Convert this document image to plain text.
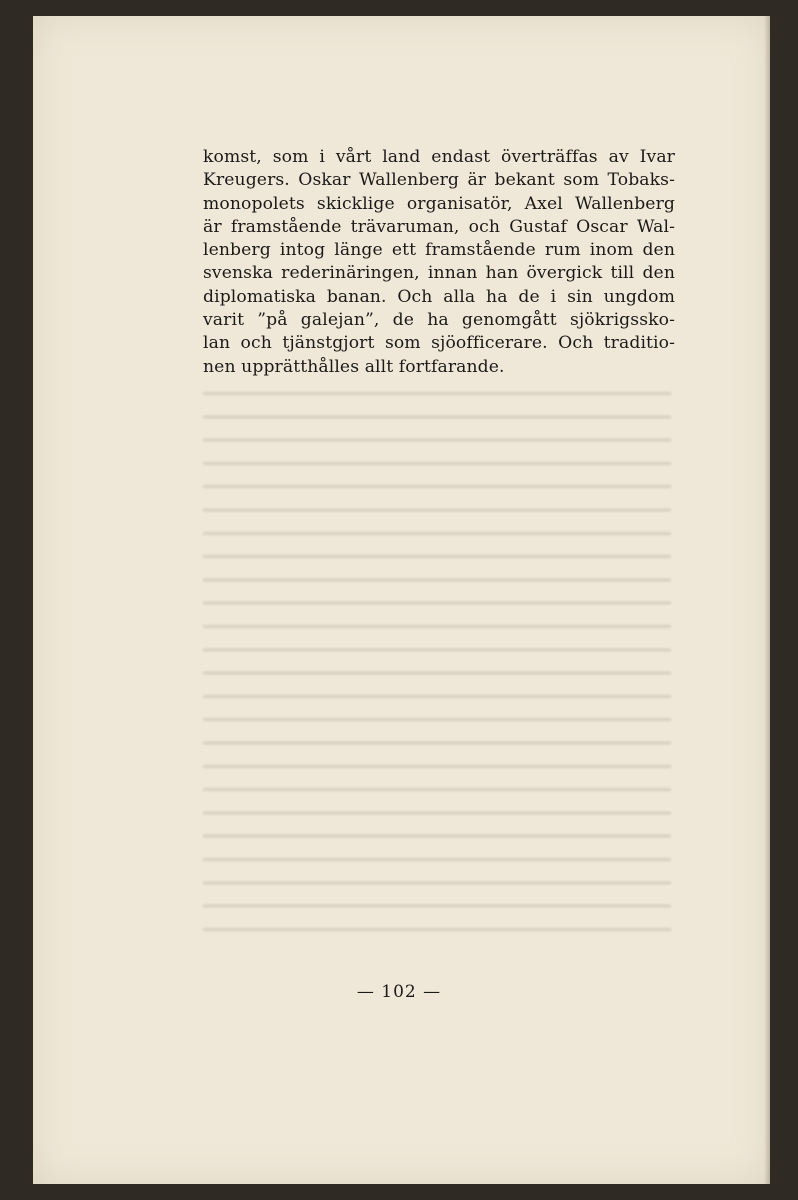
komst, som i vårt land endast överträffas av Ivar
Kreugers. Oskar Wallenberg är bekant som Tobaks-
monopolets skicklige organisatör, Axel Wallenberg
är framstående trävaruman, och Gustaf Oscar Wal-
lenberg intog länge ett framstående rum inom den
svenska rederinäringen, innan han övergick till den
diplomatiska banan. Och alla ha de i sin ungdom
varit ”på galejan”, de ha genomgått sjökrigssko-
lan och tjänstgjort som sjöofficerare. Och traditio-
nen upprätthålles allt fortfarande.

— 102 —
